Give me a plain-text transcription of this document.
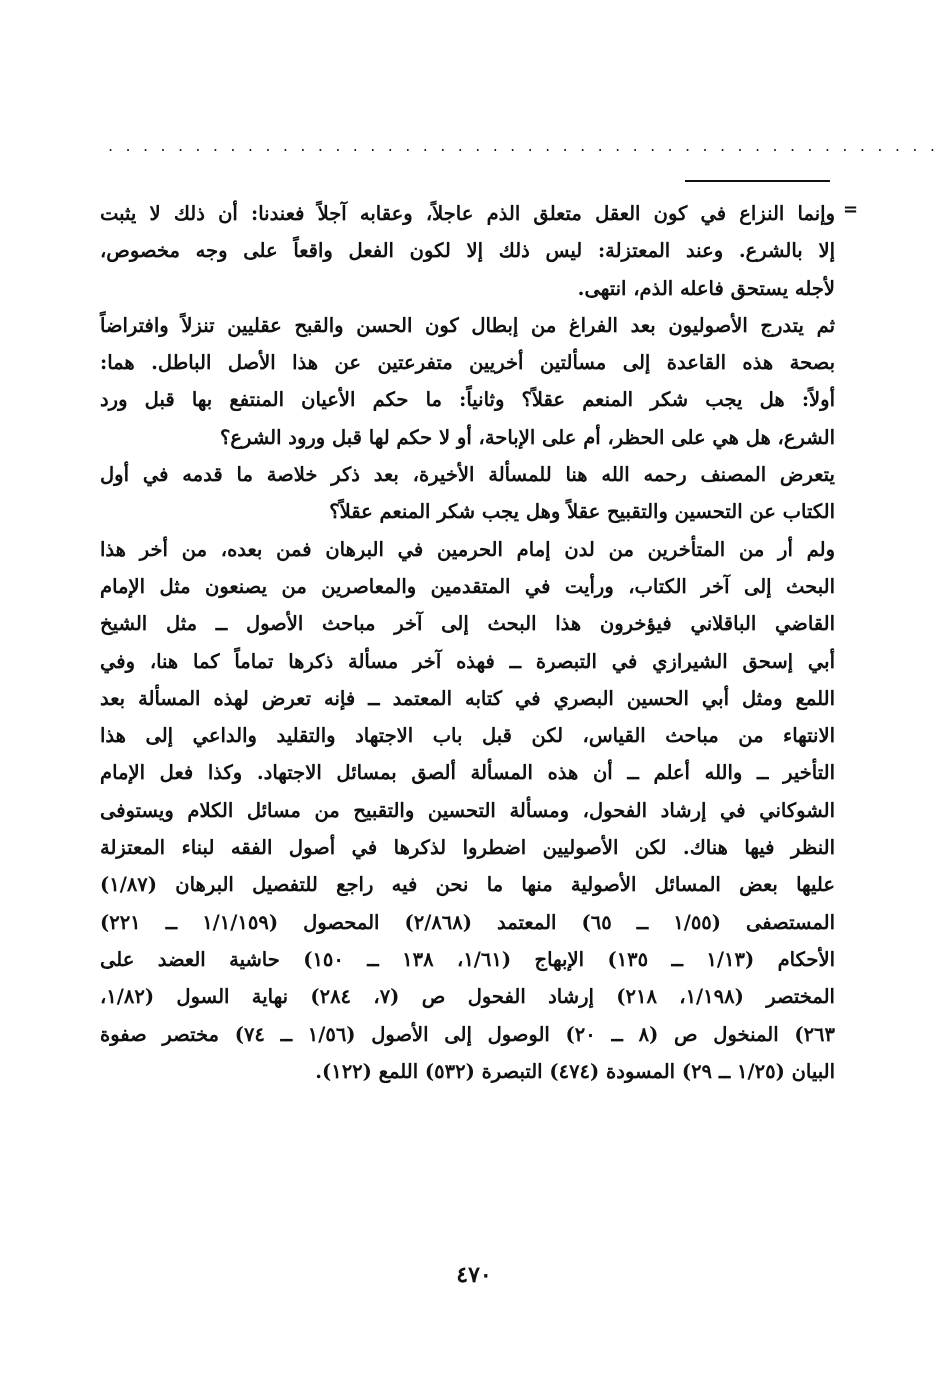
................................................
=
وإنما النزاع في كون العقل متعلق الذم عاجلاً، وعقابه آجلاً فعندنا: أن ذلك لا يثبت
إلا بالشرع. وعند المعتزلة: ليس ذلك إلا لكون الفعل واقعاً على وجه مخصوص،
لأجله يستحق فاعله الذم، انتهى.
ثم يتدرج الأصوليون بعد الفراغ من إبطال كون الحسن والقبح عقليين تنزلاً وافتراضاً
بصحة هذه القاعدة إلى مسألتين أخريين متفرعتين عن هذا الأصل الباطل. هما:
أولاً: هل يجب شكر المنعم عقلاً؟ وثانياً: ما حكم الأعيان المنتفع بها قبل ورد
الشرع، هل هي على الحظر، أم على الإباحة، أو لا حكم لها قبل ورود الشرع؟
يتعرض المصنف رحمه الله هنا للمسألة الأخيرة، بعد ذكر خلاصة ما قدمه في أول
الكتاب عن التحسين والتقبيح عقلاً وهل يجب شكر المنعم عقلاً؟
ولم أر من المتأخرين من لدن إمام الحرمين في البرهان فمن بعده، من أخر هذا
البحث إلى آخر الكتاب، ورأيت في المتقدمين والمعاصرين من يصنعون مثل الإمام
القاضي الباقلاني فيؤخرون هذا البحث إلى آخر مباحث الأصول ــ مثل الشيخ
أبي إسحق الشيرازي في التبصرة ــ فهذه آخر مسألة ذكرها تماماً كما هنا، وفي
اللمع ومثل أبي الحسين البصري في كتابه المعتمد ــ فإنه تعرض لهذه المسألة بعد
الانتهاء من مباحث القياس، لكن قبل باب الاجتهاد والتقليد والداعي إلى هذا
التأخير ــ والله أعلم ــ أن هذه المسألة ألصق بمسائل الاجتهاد. وكذا فعل الإمام
الشوكاني في إرشاد الفحول، ومسألة التحسين والتقبيح من مسائل الكلام ويستوفى
النظر فيها هناك. لكن الأصوليين اضطروا لذكرها في أصول الفقه لبناء المعتزلة
عليها بعض المسائل الأصولية منها ما نحن فيه راجع للتفصيل البرهان (١/٨٧)
المستصفى (١/٥٥ ــ ٦٥) المعتمد (٢/٨٦٨) المحصول (١/١/١٥٩ ــ ٢٢١)
الأحكام (١/١٣ ــ ١٣٥) الإبهاج (١/٦١، ١٣٨ ــ ١٥٠) حاشية العضد على
المختصر (١/١٩٨، ٢١٨) إرشاد الفحول ص (٧، ٢٨٤) نهاية السول (١/٨٢،
٢٦٣) المنخول ص (٨ ــ ٢٠) الوصول إلى الأصول (١/٥٦ ــ ٧٤) مختصر صفوة
البيان (١/٢٥ ــ ٢٩) المسودة (٤٧٤) التبصرة (٥٣٢) اللمع (١٢٢).
٤٧٠
